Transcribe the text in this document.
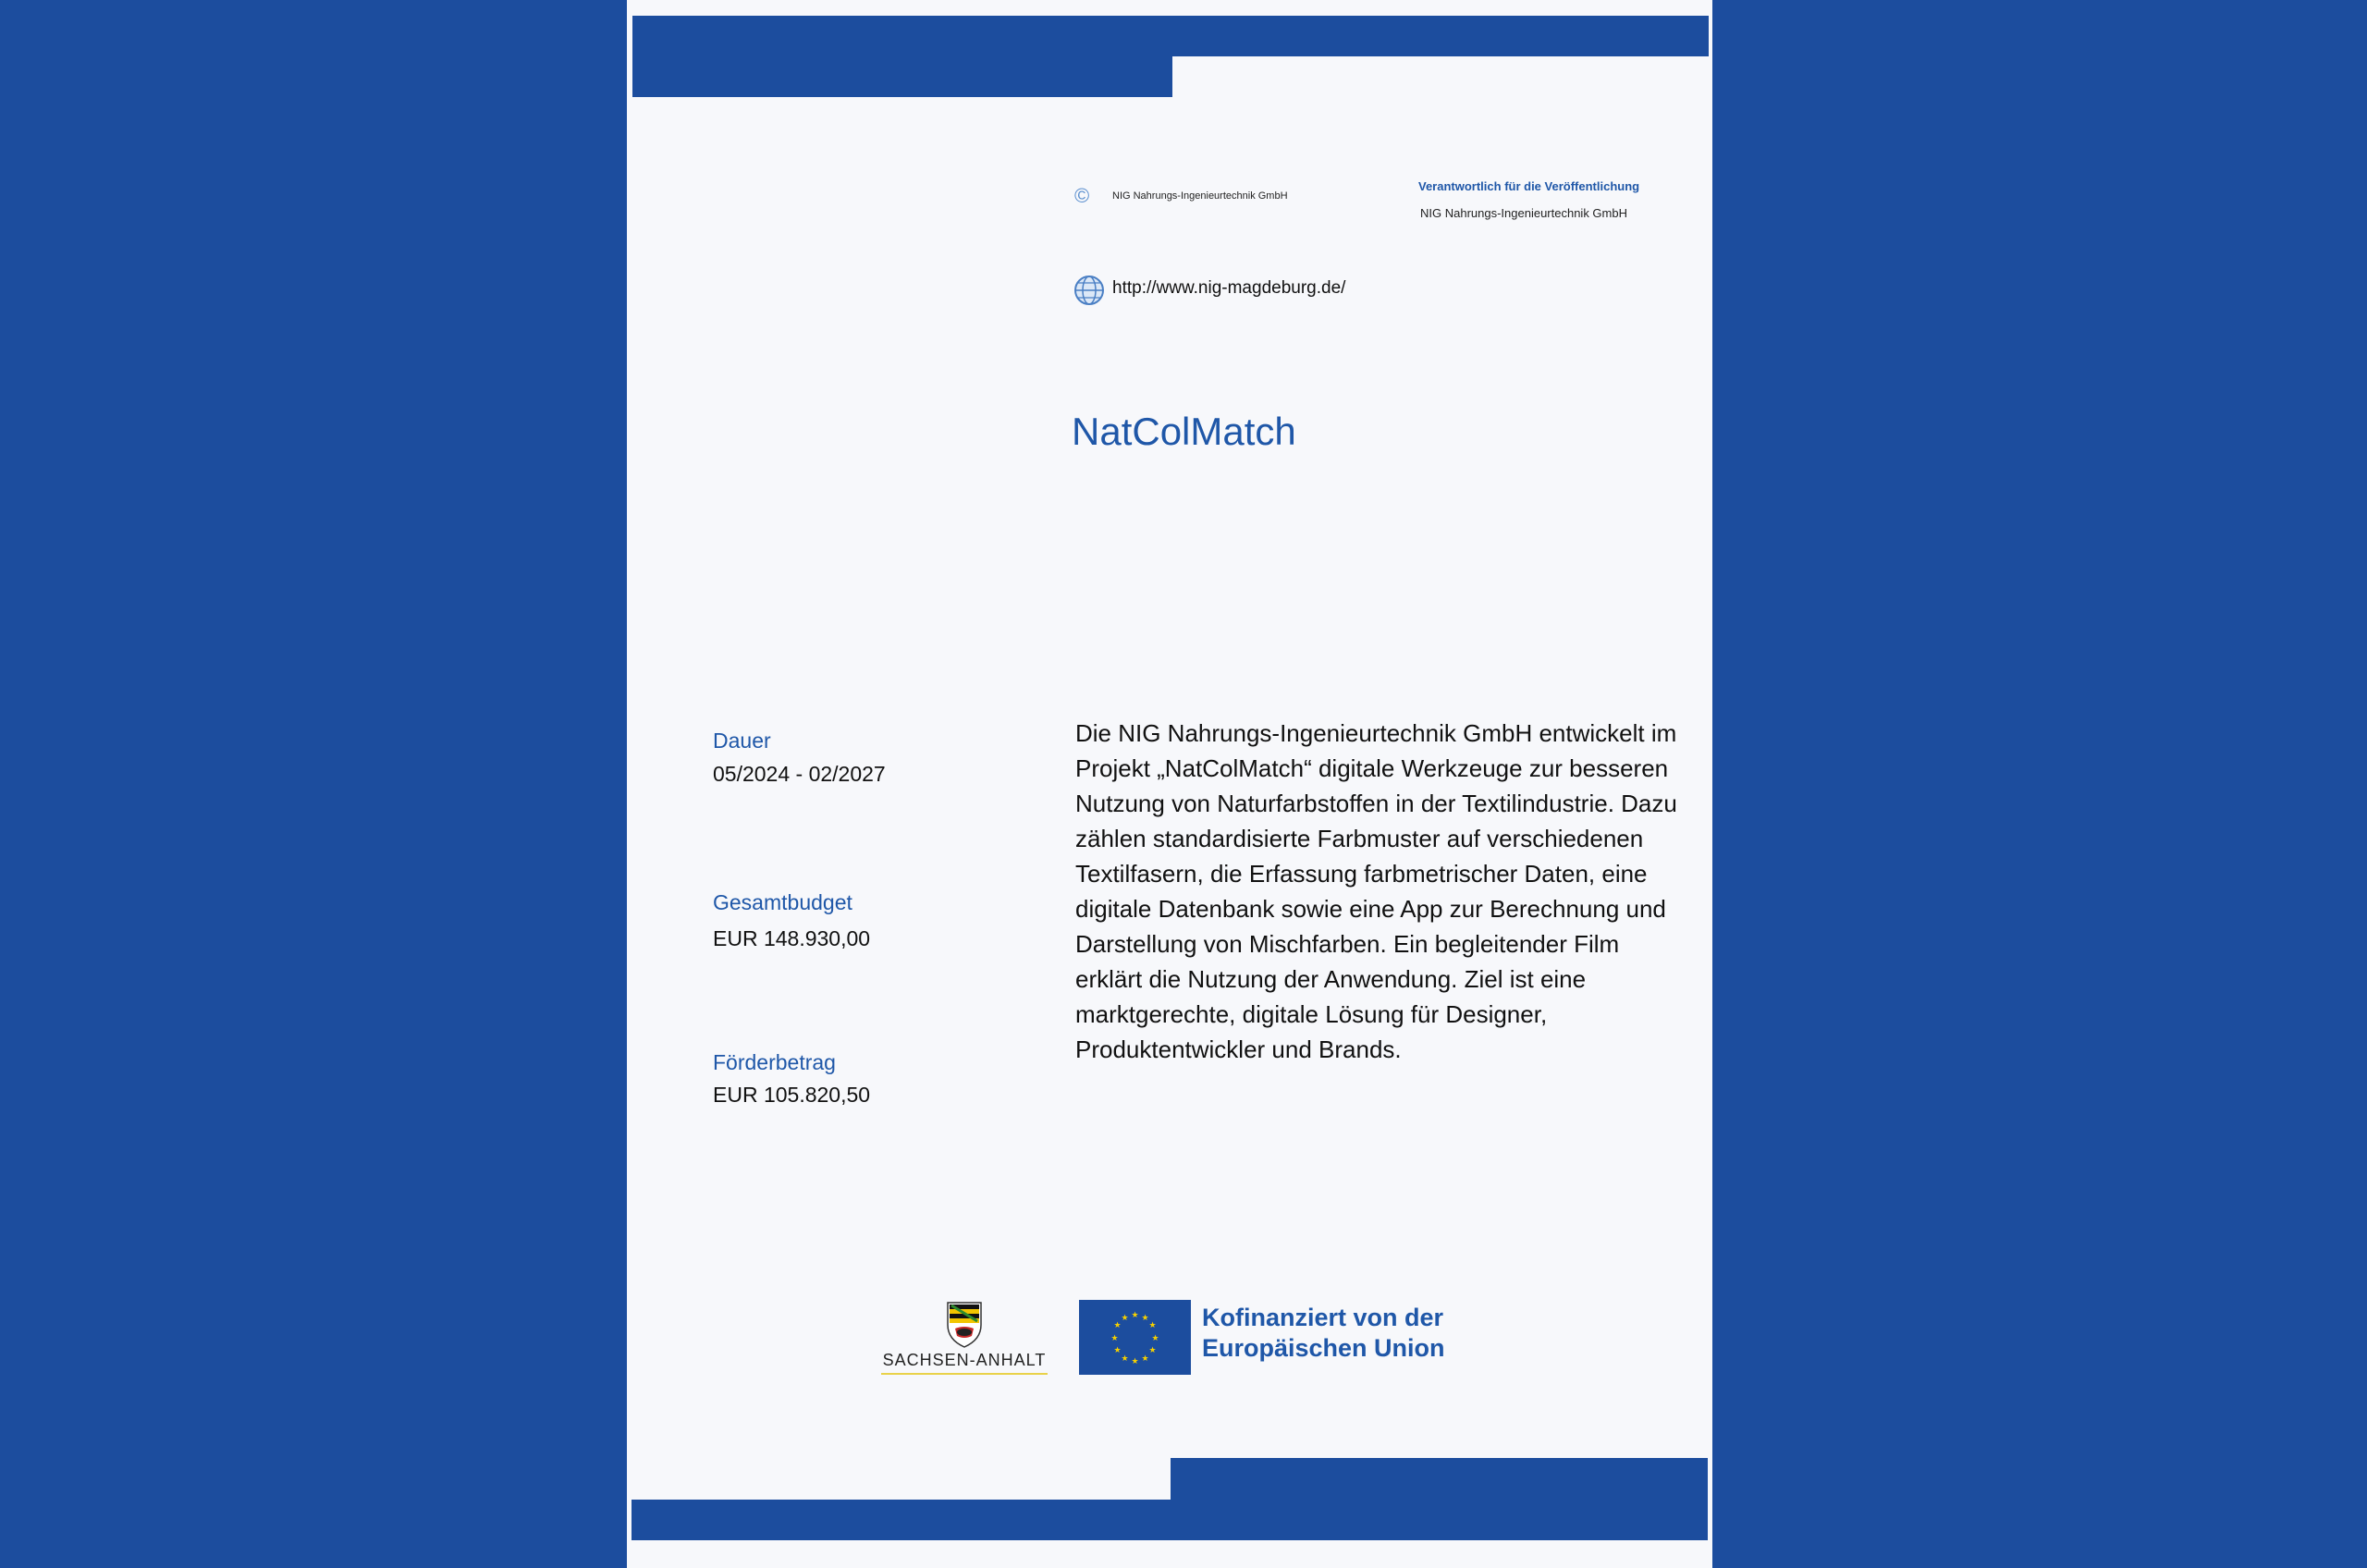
©	NIG Nahrungs-Ingenieurtechnik GmbH
Verantwortlich für die Veröffentlichung
NIG Nahrungs-Ingenieurtechnik GmbH
http://www.nig-magdeburg.de/
NatColMatch
Dauer
05/2024 - 02/2027
Gesamtbudget
EUR 148.930,00
Förderbetrag
EUR 105.820,50

Die NIG Nahrungs-Ingenieurtechnik GmbH entwickelt im Projekt „NatColMatch“ digitale Werkzeuge zur besseren Nutzung von Naturfarbstoffen in der Textilindustrie. Dazu zählen standardisierte Farbmuster auf verschiedenen Textilfasern, die Erfassung farbmetrischer Daten, eine digitale Datenbank sowie eine App zur Berechnung und Darstellung von Mischfarben. Ein begleitender Film erklärt die Nutzung der Anwendung. Ziel ist eine marktgerechte, digitale Lösung für Designer, Produktentwickler und Brands.

SACHSEN-ANHALT
★ ★
★
★
★
★
★
★
★
★
★
★	Kofinanziert von der
Europäischen Union
